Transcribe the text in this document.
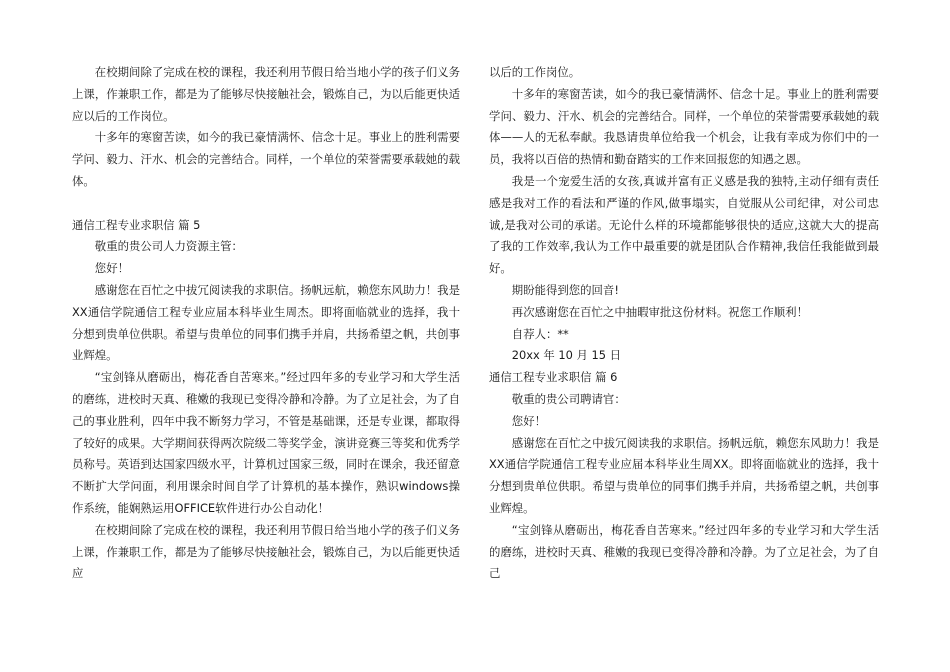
在校期间除了完成在校的课程，我还利用节假日给当地小学的孩子们义务上课，作兼职工作，都是为了能够尽快接触社会，锻炼自己，为以后能更快适应以后的工作岗位。

十多年的寒窗苦读，如今的我已豪情满怀、信念十足。事业上的胜利需要学问、毅力、汗水、机会的完善结合。同样，一个单位的荣誉需要承载她的载体。

通信工程专业求职信 篇 5

敬重的贵公司人力资源主管：

您好！

感谢您在百忙之中拔冗阅读我的求职信。扬帆远航，赖您东风助力！我是XX通信学院通信工程专业应届本科毕业生周杰。即将面临就业的选择，我十分想到贵单位供职。希望与贵单位的同事们携手并肩，共扬希望之帆，共创事业辉煌。

“宝剑锋从磨砺出，梅花香自苦寒来。”经过四年多的专业学习和大学生活的磨练，进校时天真、稚嫩的我现已变得冷静和冷静。为了立足社会，为了自己的事业胜利，四年中我不断努力学习，不管是基础课，还是专业课，都取得了较好的成果。大学期间获得两次院级二等奖学金，演讲竞赛三等奖和优秀学员称号。英语到达国家四级水平，计算机过国家三级，同时在课余，我还留意不断扩大学问面，利用课余时间自学了计算机的基本操作，熟识windows操作系统，能娴熟运用OFFICE软件进行办公自动化！

在校期间除了完成在校的课程，我还利用节假日给当地小学的孩子们义务上课，作兼职工作，都是为了能够尽快接触社会，锻炼自己，为以后能更快适应

以后的工作岗位。

十多年的寒窗苦读，如今的我已豪情满怀、信念十足。事业上的胜利需要学问、毅力、汗水、机会的完善结合。同样，一个单位的荣誉需要承载她的载体——人的无私奉献。我恳请贵单位给我一个机会，让我有幸成为你们中的一员，我将以百倍的热情和勤奋踏实的工作来回报您的知遇之恩。

我是一个宠爱生活的女孩,真诚并富有正义感是我的独特,主动仔细有责任感是我对工作的看法和严谨的作风,做事塌实，自觉服从公司纪律，对公司忠诚,是我对公司的承诺。无论什么样的环境都能够很快的适应,这就大大的提高了我的工作效率,我认为工作中最重要的就是团队合作精神,我信任我能做到最好。

期盼能得到您的回音!

再次感谢您在百忙之中抽暇审批这份材料。祝您工作顺利！

自荐人：**

20xx 年 10 月 15 日

通信工程专业求职信 篇 6

敬重的贵公司聘请官：

您好！

感谢您在百忙之中拔冗阅读我的求职信。扬帆远航，赖您东风助力！我是XX通信学院通信工程专业应届本科毕业生周XX。即将面临就业的选择，我十分想到贵单位供职。希望与贵单位的同事们携手并肩，共扬希望之帆，共创事业辉煌。

“宝剑锋从磨砺出，梅花香自苦寒来。”经过四年多的专业学习和大学生活的磨练，进校时天真、稚嫩的我现已变得冷静和冷静。为了立足社会，为了自己
